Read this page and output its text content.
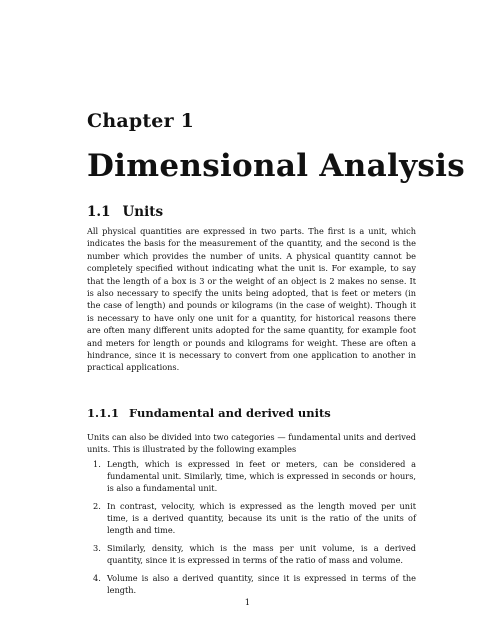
Chapter 1
Dimensional Analysis
1.1 Units

All physical quantities are expressed in two parts. The first is a unit, which indicates the basis for the measurement of the quantity, and the second is the number which provides the number of units. A physical quantity cannot be completely specified without indicating what the unit is. For example, to say that the length of a box is 3 or the weight of an object is 2 makes no sense. It is also necessary to specify the units being adopted, that is feet or meters (in the case of length) and pounds or kilograms (in the case of weight). Though it is necessary to have only one unit for a quantity, for historical reasons there are often many different units adopted for the same quantity, for example foot and meters for length or pounds and kilograms for weight. These are often a hindrance, since it is necessary to convert from one application to another in practical applications.

1.1.1 Fundamental and derived units

Units can also be divided into two categories — fundamental units and derived units. This is illustrated by the following examples

1. Length, which is expressed in feet or meters, can be considered a fundamental unit. Similarly, time, which is expressed in seconds or hours, is also a fundamental unit.
2. In contrast, velocity, which is expressed as the length moved per unit time, is a derived quantity, because its unit is the ratio of the units of length and time.
3. Similarly, density, which is the mass per unit volume, is a derived quantity, since it is expressed in terms of the ratio of mass and volume.
4. Volume is also a derived quantity, since it is expressed in terms of the length.

1
